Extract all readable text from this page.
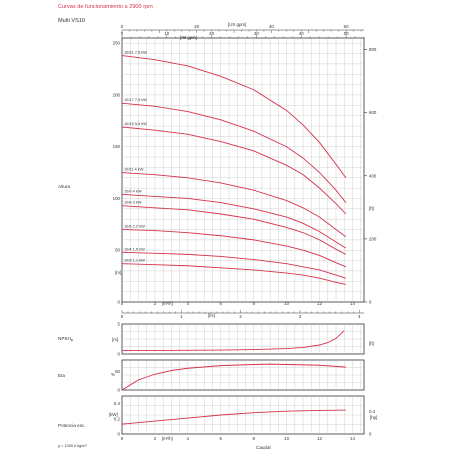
Curvas de funcionamiento a 2900 rpm
Multi VS10
10/21 7,5 kW
10/17 7,5 kW
10/15 5,5 kW
10/11 4 kW
10/9 4 kW
10/8 3 kW
10/6 2,2 kW
10/4 1,5 kW
10/3 1,1 kW
0
50
100
150
200
250
0
200
400
600
800
0	20	40	60
0	10	20	30	40	50
0	2	4	6	8	10	12	14
0	1	2	3	4
Altura
[m]
[ft]
[US gpm]
[IM gpm]
[l/s]
[m³/h]
0
5
$NPSH_R$	[m]
[ft]
0
50
Eta	%
0
0.2
0.4
0
0.4
0	2	4	6	8	10	12	14
Potencia esc.
[kW]
[hp]
[m³/h]
Caudal
ρ = 1000,0 kg/m³
